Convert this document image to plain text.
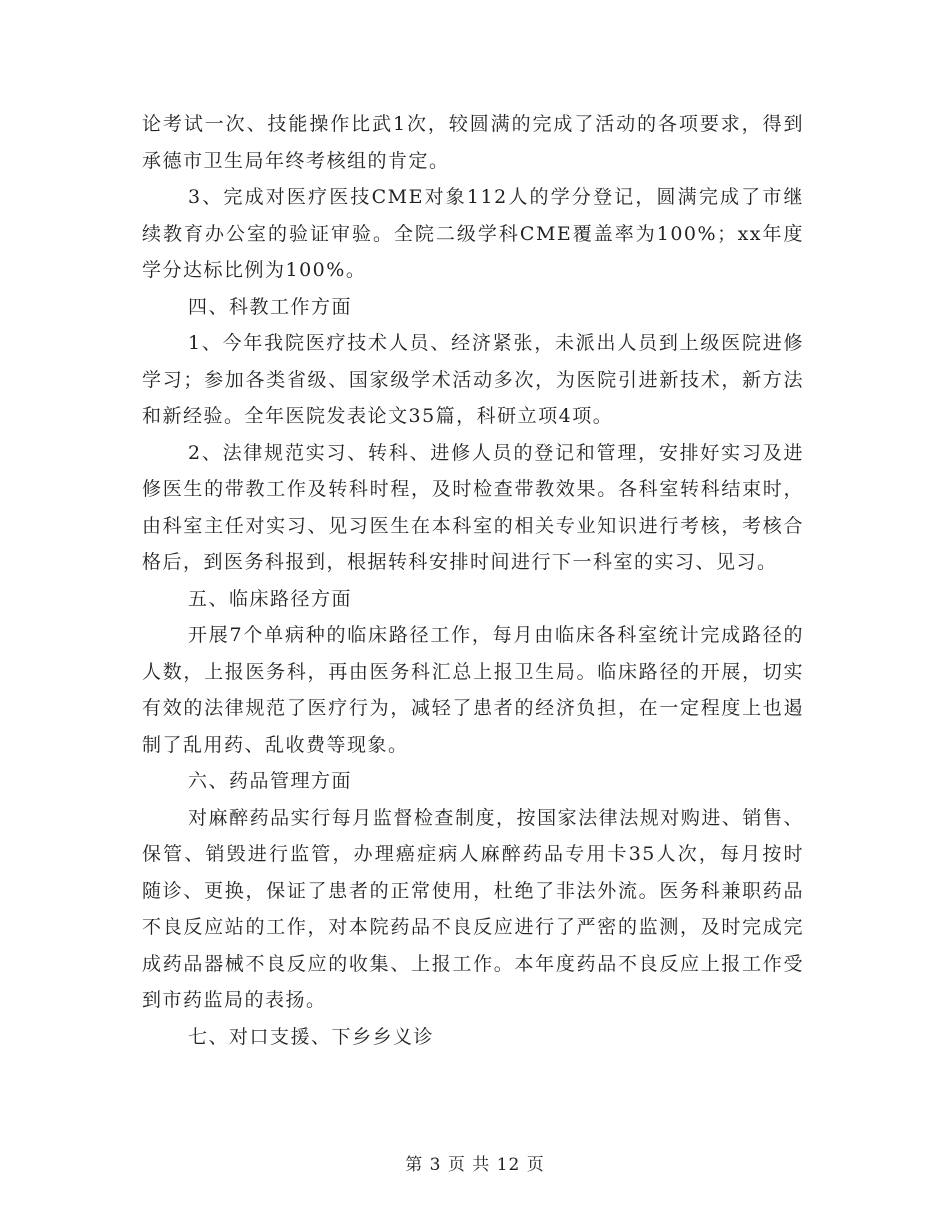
论考试一次、技能操作比武1次，较圆满的完成了活动的各项要求，得到承德市卫生局年终考核组的肯定。

3、完成对医疗医技CME对象112人的学分登记，圆满完成了市继续教育办公室的验证审验。全院二级学科CME覆盖率为100%；xx年度学分达标比例为100%。

四、科教工作方面

1、今年我院医疗技术人员、经济紧张，未派出人员到上级医院进修学习；参加各类省级、国家级学术活动多次，为医院引进新技术，新方法和新经验。全年医院发表论文35篇，科研立项4项。

2、法律规范实习、转科、进修人员的登记和管理，安排好实习及进修医生的带教工作及转科时程，及时检查带教效果。各科室转科结束时，由科室主任对实习、见习医生在本科室的相关专业知识进行考核，考核合格后，到医务科报到，根据转科安排时间进行下一科室的实习、见习。

五、临床路径方面

开展7个单病种的临床路径工作，每月由临床各科室统计完成路径的人数，上报医务科，再由医务科汇总上报卫生局。临床路径的开展，切实有效的法律规范了医疗行为，减轻了患者的经济负担，在一定程度上也遏制了乱用药、乱收费等现象。

六、药品管理方面

对麻醉药品实行每月监督检查制度，按国家法律法规对购进、销售、保管、销毁进行监管，办理癌症病人麻醉药品专用卡35人次，每月按时随诊、更换，保证了患者的正常使用，杜绝了非法外流。医务科兼职药品不良反应站的工作，对本院药品不良反应进行了严密的监测，及时完成完成药品器械不良反应的收集、上报工作。本年度药品不良反应上报工作受到市药监局的表扬。

七、对口支援、下乡乡义诊

第 3 页 共 12 页
